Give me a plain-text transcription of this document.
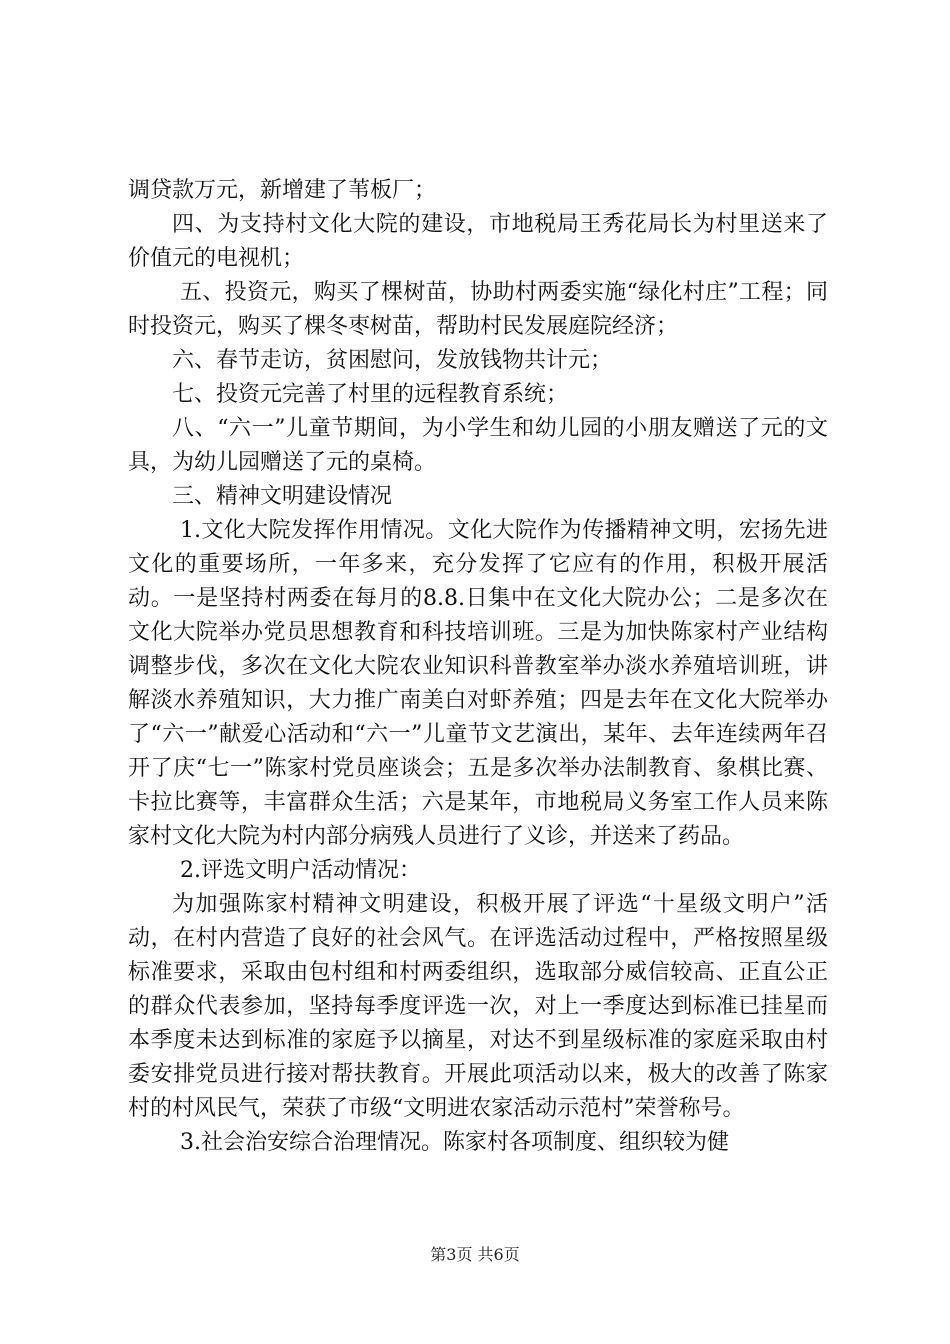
调贷款万元，新增建了苇板厂；

四、为支持村文化大院的建设，市地税局王秀花局长为村里送来了价值元的电视机；

五、投资元，购买了棵树苗，协助村两委实施“绿化村庄”工程；同时投资元，购买了棵冬枣树苗，帮助村民发展庭院经济；

六、春节走访，贫困慰问，发放钱物共计元；

七、投资元完善了村里的远程教育系统；

八、“六一”儿童节期间，为小学生和幼儿园的小朋友赠送了元的文具，为幼儿园赠送了元的桌椅。

三、精神文明建设情况

1.文化大院发挥作用情况。文化大院作为传播精神文明，宏扬先进文化的重要场所，一年多来，充分发挥了它应有的作用，积极开展活动。一是坚持村两委在每月的8.8.日集中在文化大院办公；二是多次在文化大院举办党员思想教育和科技培训班。三是为加快陈家村产业结构调整步伐，多次在文化大院农业知识科普教室举办淡水养殖培训班，讲解淡水养殖知识，大力推广南美白对虾养殖；四是去年在文化大院举办了“六一”献爱心活动和“六一”儿童节文艺演出，某年、去年连续两年召开了庆“七一”陈家村党员座谈会；五是多次举办法制教育、象棋比赛、卡拉比赛等，丰富群众生活；六是某年，市地税局义务室工作人员来陈家村文化大院为村内部分病残人员进行了义诊，并送来了药品。

2.评选文明户活动情况：

为加强陈家村精神文明建设，积极开展了评选“十星级文明户”活动，在村内营造了良好的社会风气。在评选活动过程中，严格按照星级标准要求，采取由包村组和村两委组织，选取部分威信较高、正直公正的群众代表参加，坚持每季度评选一次，对上一季度达到标准已挂星而本季度未达到标准的家庭予以摘星，对达不到星级标准的家庭采取由村委安排党员进行接对帮扶教育。开展此项活动以来，极大的改善了陈家村的村风民气，荣获了市级“文明进农家活动示范村”荣誉称号。

3.社会治安综合治理情况。陈家村各项制度、组织较为健

第3页 共6页
